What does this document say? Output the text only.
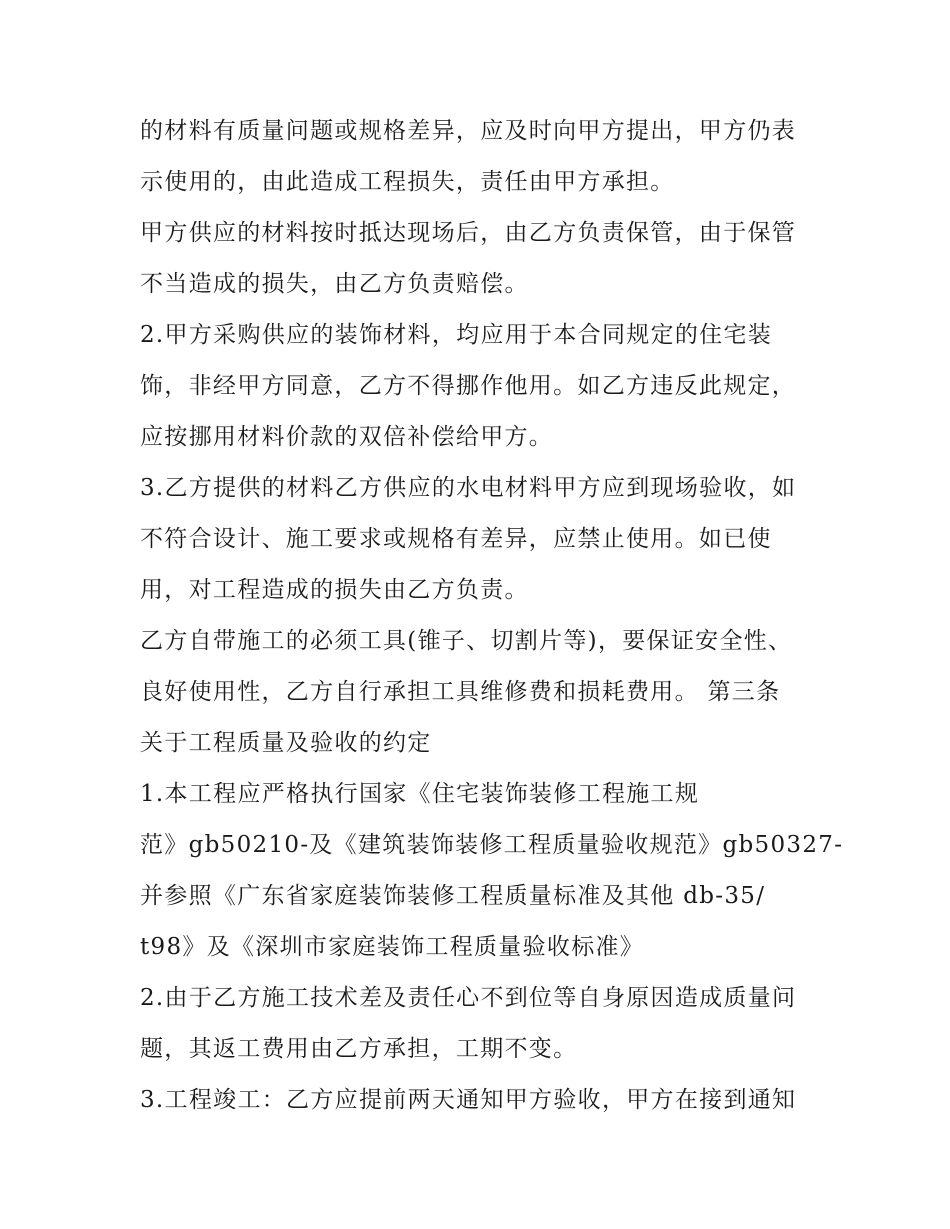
的材料有质量问题或规格差异，应及时向甲方提出，甲方仍表
示使用的，由此造成工程损失，责任由甲方承担。
甲方供应的材料按时抵达现场后，由乙方负责保管，由于保管
不当造成的损失，由乙方负责赔偿。
2.甲方采购供应的装饰材料，均应用于本合同规定的住宅装
饰，非经甲方同意，乙方不得挪作他用。如乙方违反此规定，
应按挪用材料价款的双倍补偿给甲方。
3.乙方提供的材料乙方供应的水电材料甲方应到现场验收，如
不符合设计、施工要求或规格有差异，应禁止使用。如已使
用，对工程造成的损失由乙方负责。
乙方自带施工的必须工具(锥子、切割片等)，要保证安全性、
良好使用性，乙方自行承担工具维修费和损耗费用。 第三条
关于工程质量及验收的约定
1.本工程应严格执行国家《住宅装饰装修工程施工规
范》gb50210-及《建筑装饰装修工程质量验收规范》gb50327-
并参照《广东省家庭装饰装修工程质量标准及其他 db-35/
t98》及《深圳市家庭装饰工程质量验收标准》
2.由于乙方施工技术差及责任心不到位等自身原因造成质量问
题，其返工费用由乙方承担，工期不变。
3.工程竣工：乙方应提前两天通知甲方验收，甲方在接到通知
